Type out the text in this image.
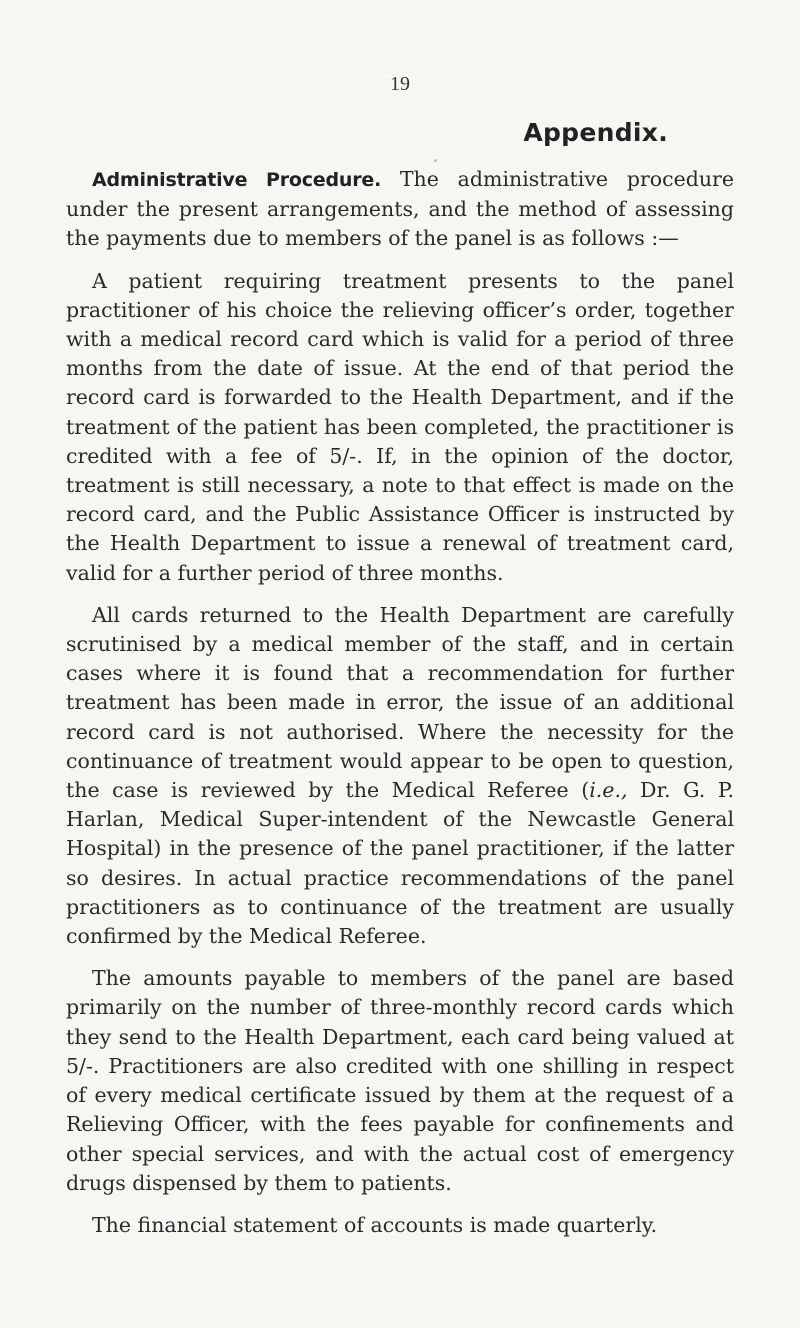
19
Appendix.

Administrative Procedure. The administrative procedure under the present arrangements, and the method of assessing the payments due to members of the panel is as follows :—

A patient requiring treatment presents to the panel practitioner of his choice the relieving officer’s order, together with a medical record card which is valid for a period of three months from the date of issue. At the end of that period the record card is forwarded to the Health Department, and if the treatment of the patient has been completed, the practitioner is credited with a fee of 5/-. If, in the opinion of the doctor, treatment is still necessary, a note to that effect is made on the record card, and the Public Assistance Officer is instructed by the Health Department to issue a renewal of treatment card, valid for a further period of three months.

All cards returned to the Health Department are carefully scrutinised by a medical member of the staff, and in certain cases where it is found that a recommendation for further treatment has been made in error, the issue of an additional record card is not authorised. Where the necessity for the continuance of treatment would appear to be open to question, the case is reviewed by the Medical Referee (i.e., Dr. G. P. Harlan, Medical Super-intendent of the Newcastle General Hospital) in the presence of the panel practitioner, if the latter so desires. In actual practice recommendations of the panel practitioners as to continuance of the treatment are usually confirmed by the Medical Referee.

The amounts payable to members of the panel are based primarily on the number of three-monthly record cards which they send to the Health Department, each card being valued at 5/-. Practitioners are also credited with one shilling in respect of every medical certificate issued by them at the request of a Relieving Officer, with the fees payable for confinements and other special services, and with the actual cost of emergency drugs dispensed by them to patients.

The financial statement of accounts is made quarterly.
